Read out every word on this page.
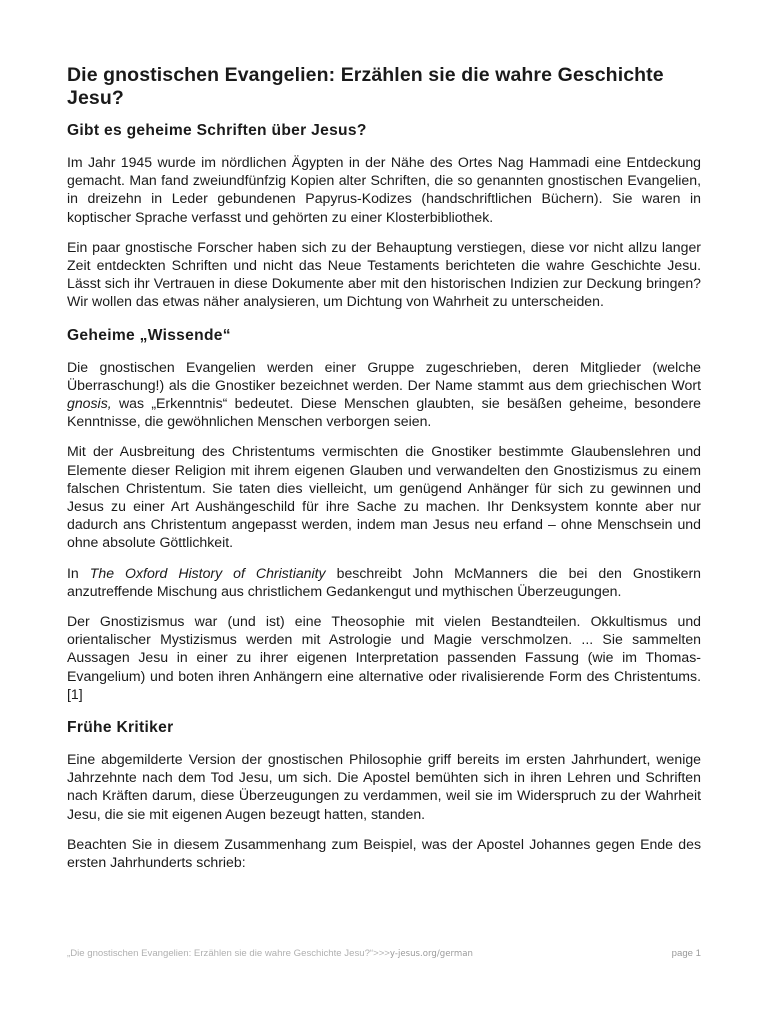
Die gnostischen Evangelien: Erzählen sie die wahre Geschichte Jesu?
Gibt es geheime Schriften über Jesus?

Im Jahr 1945 wurde im nördlichen Ägypten in der Nähe des Ortes Nag Hammadi eine Entdeckung gemacht. Man fand zweiundfünfzig Kopien alter Schriften, die so genannten gnostischen Evangelien, in dreizehn in Leder gebundenen Papyrus-Kodizes (handschriftlichen Büchern). Sie waren in koptischer Sprache verfasst und gehörten zu einer Klosterbibliothek.

Ein paar gnostische Forscher haben sich zu der Behauptung verstiegen, diese vor nicht allzu langer Zeit entdeckten Schriften und nicht das Neue Testaments berichteten die wahre Geschichte Jesu. Lässt sich ihr Vertrauen in diese Dokumente aber mit den historischen Indizien zur Deckung bringen? Wir wollen das etwas näher analysieren, um Dichtung von Wahrheit zu unterscheiden.

Geheime „Wissende“

Die gnostischen Evangelien werden einer Gruppe zugeschrieben, deren Mitglieder (welche Überraschung!) als die Gnostiker bezeichnet werden. Der Name stammt aus dem griechischen Wort gnosis, was „Erkenntnis“ bedeutet. Diese Menschen glaubten, sie besäßen geheime, besondere Kenntnisse, die gewöhnlichen Menschen verborgen seien.

Mit der Ausbreitung des Christentums vermischten die Gnostiker bestimmte Glaubenslehren und Elemente dieser Religion mit ihrem eigenen Glauben und verwandelten den Gnostizismus zu einem falschen Christentum. Sie taten dies vielleicht, um genügend Anhänger für sich zu gewinnen und Jesus zu einer Art Aushängeschild für ihre Sache zu machen. Ihr Denksystem konnte aber nur dadurch ans Christentum angepasst werden, indem man Jesus neu erfand – ohne Menschsein und ohne absolute Göttlichkeit.

In The Oxford History of Christianity beschreibt John McManners die bei den Gnostikern anzutreffende Mischung aus christlichem Gedankengut und mythischen Überzeugungen.

Der Gnostizismus war (und ist) eine Theosophie mit vielen Bestandteilen. Okkultismus und orientalischer Mystizismus werden mit Astrologie und Magie verschmolzen. ... Sie sammelten Aussagen Jesu in einer zu ihrer eigenen Interpretation passenden Fassung (wie im Thomas-Evangelium) und boten ihren Anhängern eine alternative oder rivalisierende Form des Christentums.[1]

Frühe Kritiker

Eine abgemilderte Version der gnostischen Philosophie griff bereits im ersten Jahrhundert, wenige Jahrzehnte nach dem Tod Jesu, um sich. Die Apostel bemühten sich in ihren Lehren und Schriften nach Kräften darum, diese Überzeugungen zu verdammen, weil sie im Widerspruch zu der Wahrheit Jesu, die sie mit eigenen Augen bezeugt hatten, standen.

Beachten Sie in diesem Zusammenhang zum Beispiel, was der Apostel Johannes gegen Ende des ersten Jahrhunderts schrieb:

„Die gnostischen Evangelien: Erzählen sie die wahre Geschichte Jesu?“>>>y-jesus.org/german	page 1
